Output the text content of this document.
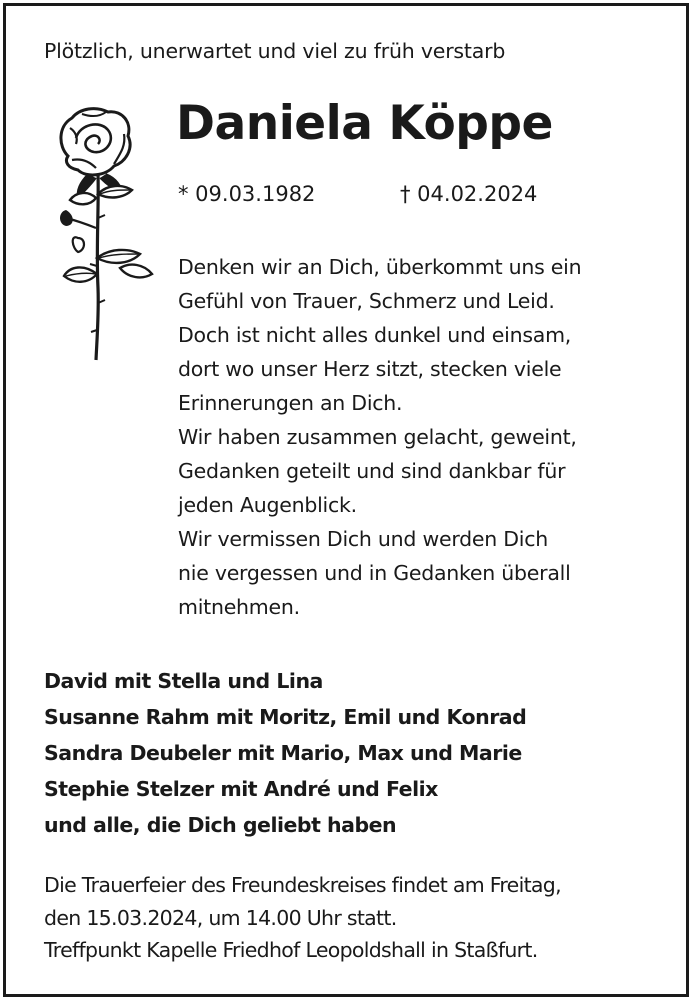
Plötzlich, unerwartet und viel zu früh verstarb
Daniela Köppe
* 09.03.1982	† 04.02.2024
Denken wir an Dich, überkommt uns ein
Gefühl von Trauer, Schmerz und Leid.
Doch ist nicht alles dunkel und einsam,
dort wo unser Herz sitzt, stecken viele
Erinnerungen an Dich.
Wir haben zusammen gelacht, geweint,
Gedanken geteilt und sind dankbar für
jeden Augenblick.
Wir vermissen Dich und werden Dich
nie vergessen und in Gedanken überall
mitnehmen.
David mit Stella und Lina
Susanne Rahm mit Moritz, Emil und Konrad
Sandra Deubeler mit Mario, Max und Marie
Stephie Stelzer mit André und Felix
und alle, die Dich geliebt haben
Die Trauerfeier des Freundeskreises findet am Freitag,
den 15.03.2024, um 14.00 Uhr statt.
Treffpunkt Kapelle Friedhof Leopoldshall in Staßfurt.
